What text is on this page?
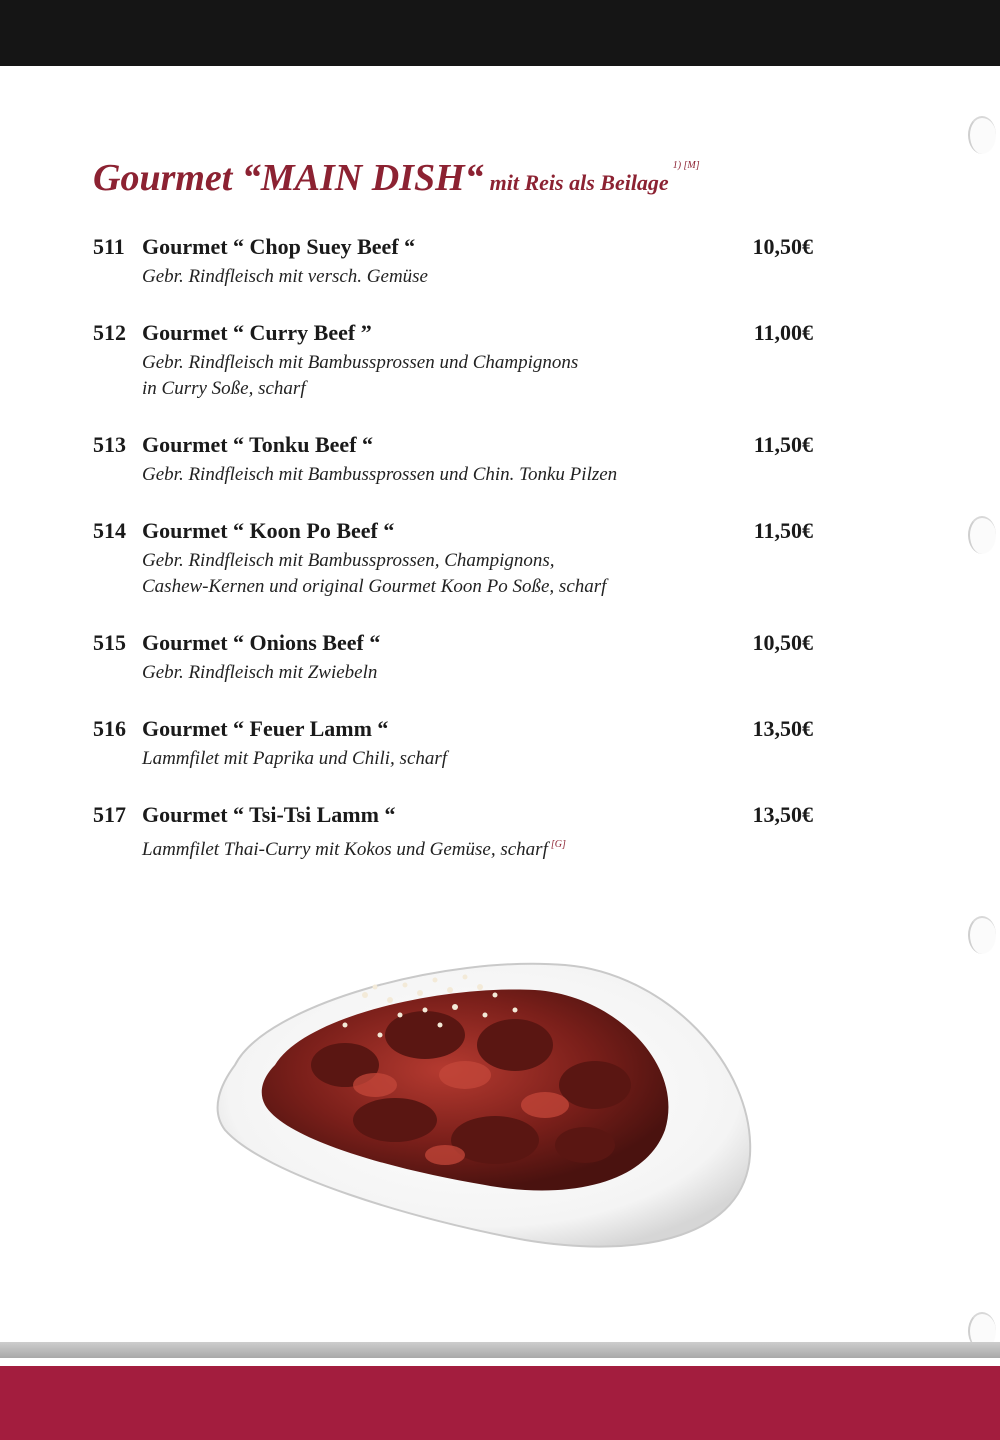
Gourmet “MAIN DISH“ mit Reis als Beilage$^{1) [M]}$
511 Gourmet “ Chop Suey Beef “	10,50€
Gebr. Rindfleisch mit versch. Gemüse
512 Gourmet “ Curry Beef ”	11,00€
Gebr. Rindfleisch mit Bambussprossen und Champignons
in Curry Soße, scharf
513 Gourmet “ Tonku Beef “	11,50€
Gebr. Rindfleisch mit Bambussprossen und Chin. Tonku Pilzen
514 Gourmet “ Koon Po Beef “	11,50€
Gebr. Rindfleisch mit Bambussprossen, Champignons,
Cashew-Kernen und original Gourmet Koon Po Soße, scharf
515 Gourmet “ Onions Beef “	10,50€
Gebr. Rindfleisch mit Zwiebeln
516 Gourmet “ Feuer Lamm “	13,50€
Lammfilet mit Paprika und Chili, scharf
517 Gourmet “ Tsi-Tsi Lamm “	13,50€
Lammfilet Thai-Curry mit Kokos und Gemüse, scharf [G]
